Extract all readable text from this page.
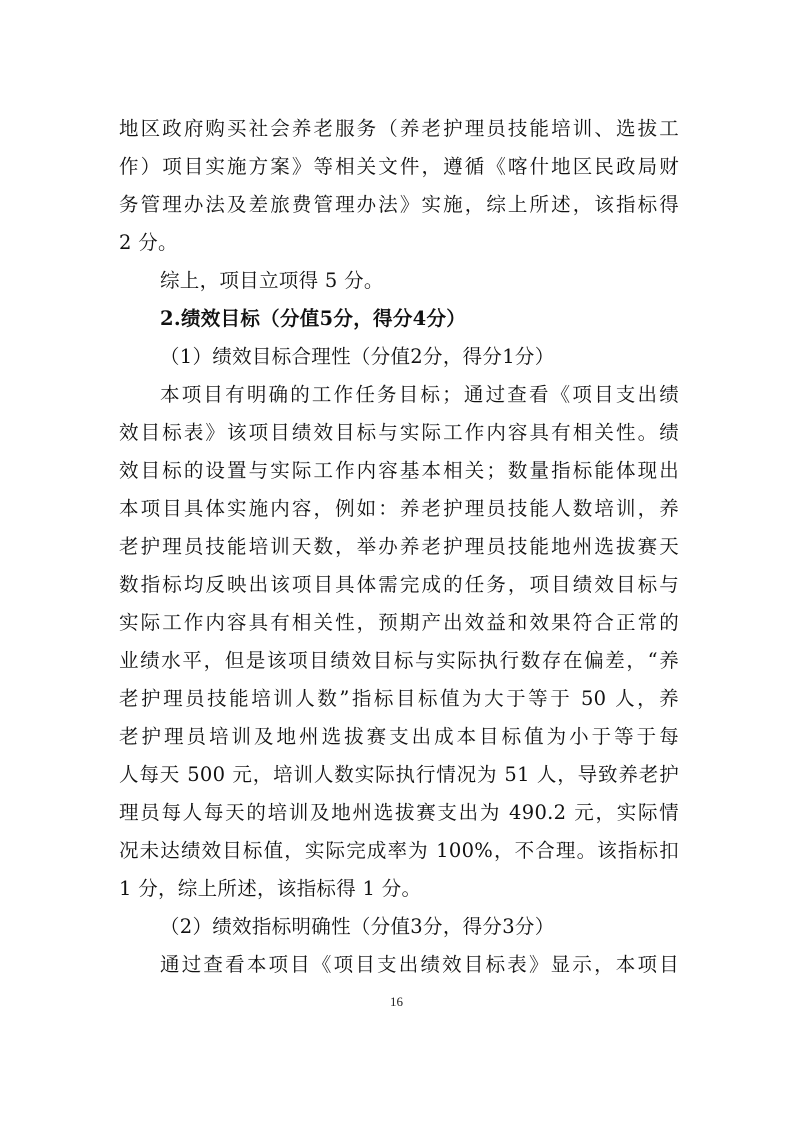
地区政府购买社会养老服务（养老护理员技能培训、选拔工
作）项目实施方案》等相关文件，遵循《喀什地区民政局财
务管理办法及差旅费管理办法》实施，综上所述，该指标得
2 分。
综上，项目立项得 5 分。
2.绩效目标（分值5分，得分4分）
（1）绩效目标合理性（分值2分，得分1分）
本项目有明确的工作任务目标；通过查看《项目支出绩
效目标表》该项目绩效目标与实际工作内容具有相关性。绩
效目标的设置与实际工作内容基本相关；数量指标能体现出
本项目具体实施内容，例如：养老护理员技能人数培训，养
老护理员技能培训天数，举办养老护理员技能地州选拔赛天
数指标均反映出该项目具体需完成的任务，项目绩效目标与
实际工作内容具有相关性，预期产出效益和效果符合正常的
业绩水平，但是该项目绩效目标与实际执行数存在偏差，“养
老护理员技能培训人数”指标目标值为大于等于 50 人，养
老护理员培训及地州选拔赛支出成本目标值为小于等于每
人每天 500 元，培训人数实际执行情况为 51 人，导致养老护
理员每人每天的培训及地州选拔赛支出为 490.2 元，实际情
况未达绩效目标值，实际完成率为 100%，不合理。该指标扣
1 分，综上所述，该指标得 1 分。
（2）绩效指标明确性（分值3分，得分3分）
通过查看本项目《项目支出绩效目标表》显示，本项目
16
